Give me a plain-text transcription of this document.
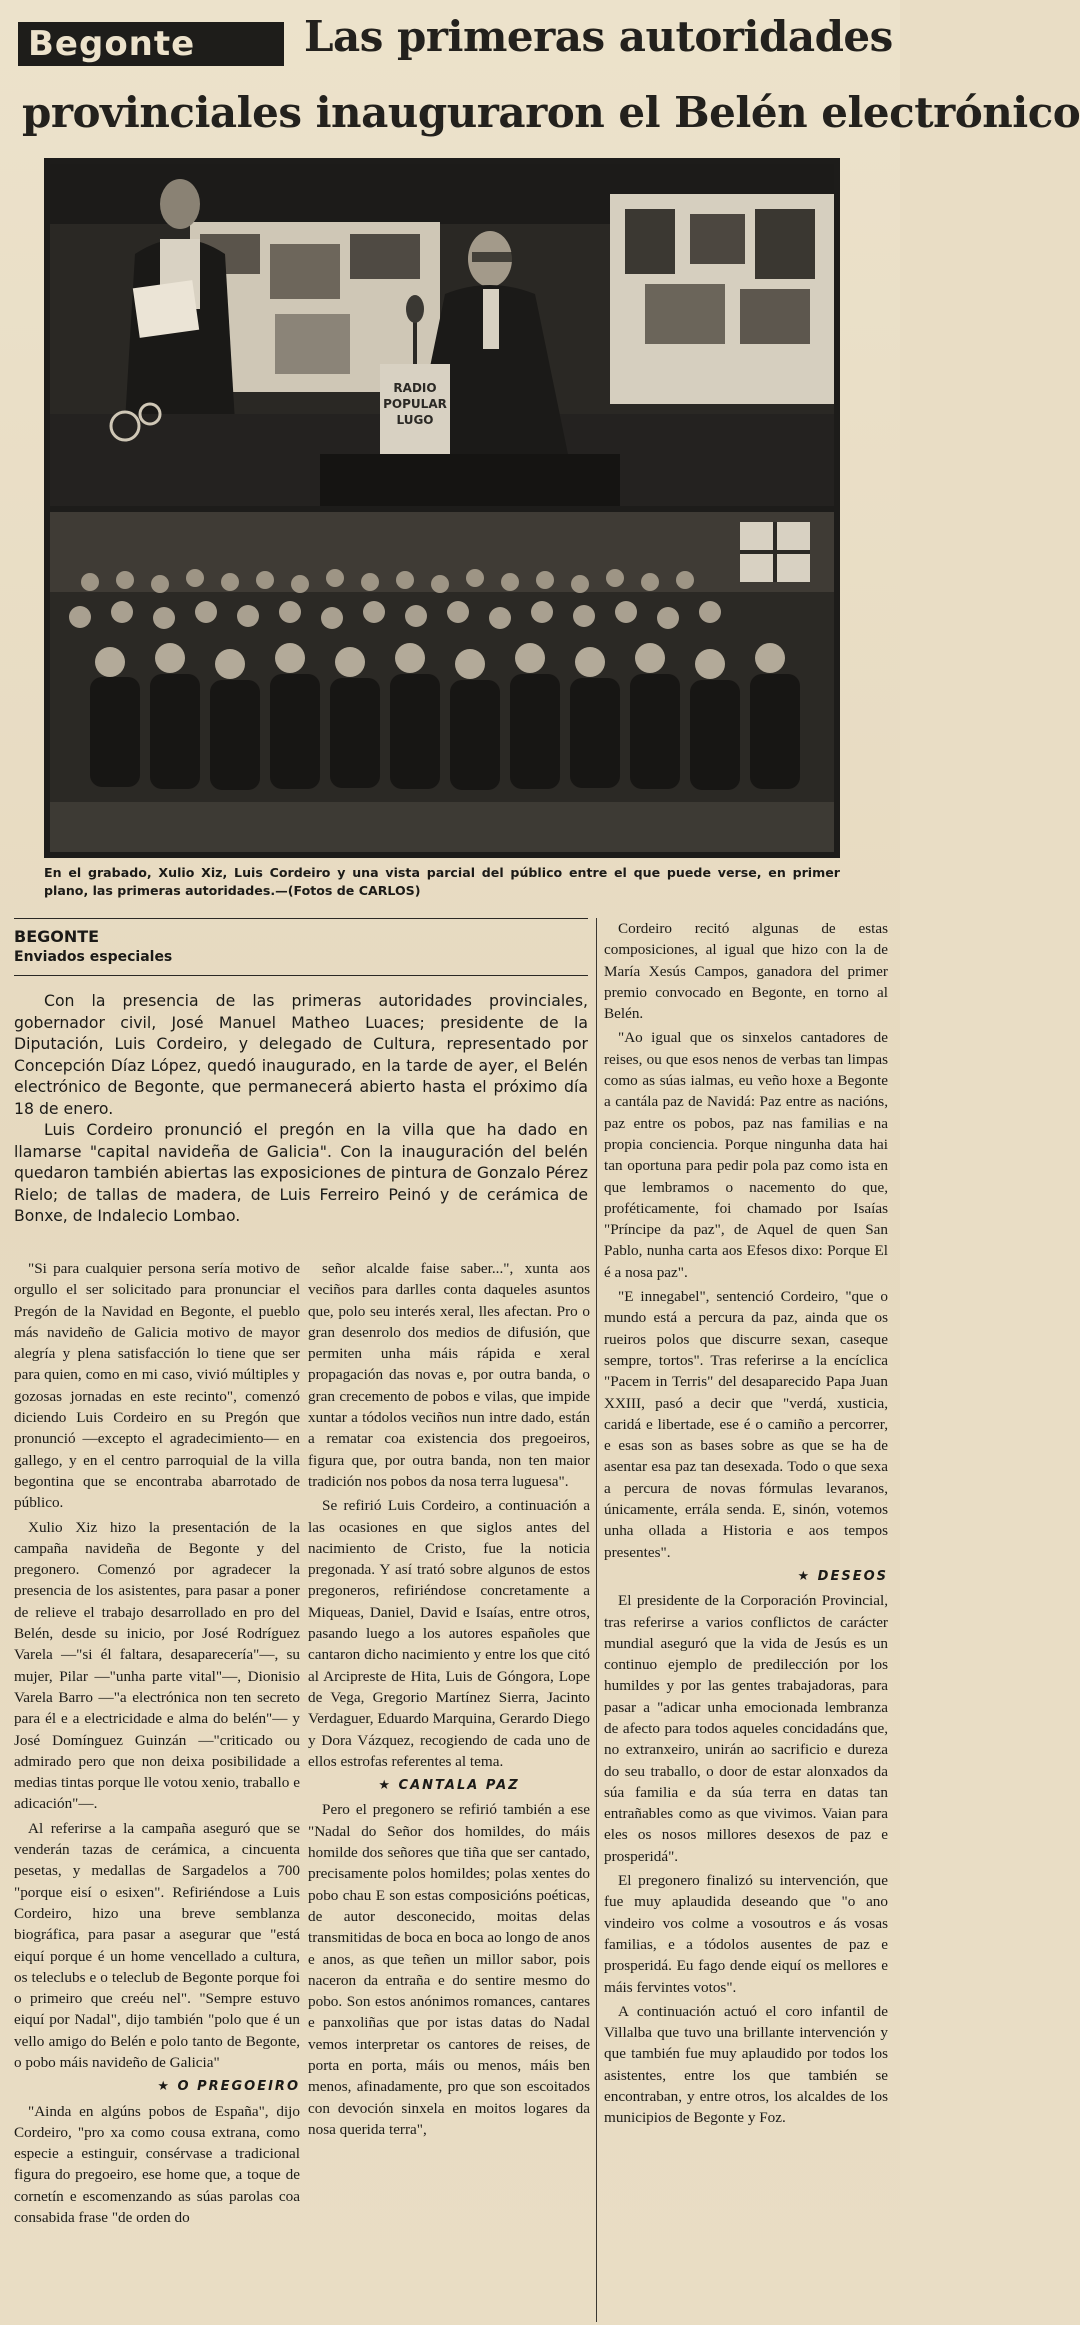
Begonte	Las primeras autoridades
provinciales inauguraron el Belén electrónico
RADIO
POPULAR
LUGO
En el grabado, Xulio Xiz, Luis Cordeiro y una vista parcial del público entre el que puede verse, en primer plano, las primeras autoridades.—(Fotos de CARLOS)
BEGONTE
Enviados especiales

Con la presencia de las primeras autoridades provinciales, gobernador civil, José Manuel Matheo Luaces; presidente de la Diputación, Luis Cordeiro, y delegado de Cultura, representado por Concepción Díaz López, quedó inaugurado, en la tarde de ayer, el Belén electrónico de Begonte, que permanecerá abierto hasta el próximo día 18 de enero.

Luis Cordeiro pronunció el pregón en la villa que ha dado en llamarse "capital navideña de Galicia". Con la inauguración del belén quedaron también abiertas las exposiciones de pintura de Gonzalo Pérez Rielo; de tallas de madera, de Luis Ferreiro Peinó y de cerámica de Bonxe, de Indalecio Lombao.

"Si para cualquier persona sería motivo de orgullo el ser solicitado para pronunciar el Pregón de la Navidad en Begonte, el pueblo más navideño de Galicia motivo de mayor alegría y plena satisfacción lo tiene que ser para quien, como en mi caso, vivió múltiples y gozosas jornadas en este recinto", comenzó diciendo Luis Cordeiro en su Pregón que pronunció —excepto el agradecimiento— en gallego, y en el centro parroquial de la villa begontina que se encontraba abarrotado de público.

Xulio Xiz hizo la presentación de la campaña navideña de Begonte y del pregonero. Comenzó por agradecer la presencia de los asistentes, para pasar a poner de relieve el trabajo desarrollado en pro del Belén, desde su inicio, por José Rodríguez Varela —"si él faltara, desaparecería"—, su mujer, Pilar —"unha parte vital"—, Dionisio Varela Barro —"a electrónica non ten secreto para él e a electricidade e alma do belén"— y José Domínguez Guinzán —"criticado ou admirado pero que non deixa posibilidade a medias tintas porque lle votou xenio, traballo e adicación"—.

Al referirse a la campaña aseguró que se venderán tazas de cerámica, a cincuenta pesetas, y medallas de Sargadelos a 700 "porque eisí o esixen". Refiriéndose a Luis Cordeiro, hizo una breve semblanza biográfica, para pasar a asegurar que "está eiquí porque é un home vencellado a cultura, os teleclubs e o teleclub de Begonte porque foi o primeiro que creéu nel". "Sempre estuvo eiquí por Nadal", dijo también "polo que é un vello amigo do Belén e polo tanto de Begonte, o pobo máis navideño de Galicia"

★ O PREGOEIRO

"Ainda en algúns pobos de España", dijo Cordeiro, "pro xa como cousa extrana, como especie a estinguir, consérvase a tradicional figura do pregoeiro, ese home que, a toque de cornetín e escomenzando as súas parolas coa consabida frase "de orden do

señor alcalde faise saber...", xunta aos veciños para darlles conta daqueles asuntos que, polo seu interés xeral, lles afectan. Pro o gran desenrolo dos medios de difusión, que permiten unha máis rápida e xeral propagación das novas e, por outra banda, o gran crecemento de pobos e vilas, que impide xuntar a tódolos veciños nun intre dado, están a rematar coa existencia dos pregoeiros, figura que, por outra banda, non ten maior tradición nos pobos da nosa terra luguesa".

Se refirió Luis Cordeiro, a continuación a las ocasiones en que siglos antes del nacimiento de Cristo, fue la noticia pregonada. Y así trató sobre algunos de estos pregoneros, refiriéndose concretamente a Miqueas, Daniel, David e Isaías, entre otros, pasando luego a los autores españoles que cantaron dicho nacimiento y entre los que citó al Arcipreste de Hita, Luis de Góngora, Lope de Vega, Gregorio Martínez Sierra, Jacinto Verdaguer, Eduardo Marquina, Gerardo Diego y Dora Vázquez, recogiendo de cada uno de ellos estrofas referentes al tema.

★ CANTALA PAZ

Pero el pregonero se refirió también a ese "Nadal do Señor dos homildes, do máis homilde dos señores que tiña que ser cantado, precisamente polos homildes; polas xentes do pobo chau E son estas composicións poéticas, de autor desconecido, moitas delas transmitidas de boca en boca ao longo de anos e anos, as que teñen un millor sabor, pois naceron da entraña e do sentire mesmo do pobo. Son estos anónimos romances, cantares e panxoliñas que por istas datas do Nadal vemos interpretar os cantores de reises, de porta en porta, máis ou menos, máis ben menos, afinadamente, pro que son escoitados con devoción sinxela en moitos logares da nosa querida terra",

Cordeiro recitó algunas de estas composiciones, al igual que hizo con la de María Xesús Campos, ganadora del primer premio convocado en Begonte, en torno al Belén.

"Ao igual que os sinxelos cantadores de reises, ou que esos nenos de verbas tan limpas como as súas ialmas, eu veño hoxe a Begonte a cantála paz de Navidá: Paz entre as nacións, paz entre os pobos, paz nas familias e na propia conciencia. Porque ningunha data hai tan oportuna para pedir pola paz como ista en que lembramos o nacemento do que, proféticamente, foi chamado por Isaías "Príncipe da paz", de Aquel de quen San Pablo, nunha carta aos Efesos dixo: Porque El é a nosa paz".

"E innegabel", sentenció Cordeiro, "que o mundo está a percura da paz, ainda que os rueiros polos que discurre sexan, caseque sempre, tortos". Tras referirse a la encíclica "Pacem in Terris" del desaparecido Papa Juan XXIII, pasó a decir que "verdá, xusticia, caridá e libertade, ese é o camiño a percorrer, e esas son as bases sobre as que se ha de asentar esa paz tan desexada. Todo o que sexa a percura de novas fórmulas levaranos, únicamente, errála senda. E, sinón, votemos unha ollada a Historia e aos tempos presentes".

★ DESEOS

El presidente de la Corporación Provincial, tras referirse a varios conflictos de carácter mundial aseguró que la vida de Jesús es un continuo ejemplo de predilección por los humildes y por las gentes trabajadoras, para pasar a "adicar unha emocionada lembranza de afecto para todos aqueles concidadáns que, no extranxeiro, unirán ao sacrificio e dureza do seu traballo, o door de estar alonxados da súa familia e da súa terra en datas tan entrañables como as que vivimos. Vaian para eles os nosos millores desexos de paz e prosperidá".

El pregonero finalizó su intervención, que fue muy aplaudida deseando que "o ano vindeiro vos colme a vosoutros e ás vosas familias, e a tódolos ausentes de paz e prosperidá. Eu fago dende eiquí os mellores e máis fervintes votos".

A continuación actuó el coro infantil de Villalba que tuvo una brillante intervención y que también fue muy aplaudido por todos los asistentes, entre los que también se encontraban, y entre otros, los alcaldes de los municipios de Begonte y Foz.
